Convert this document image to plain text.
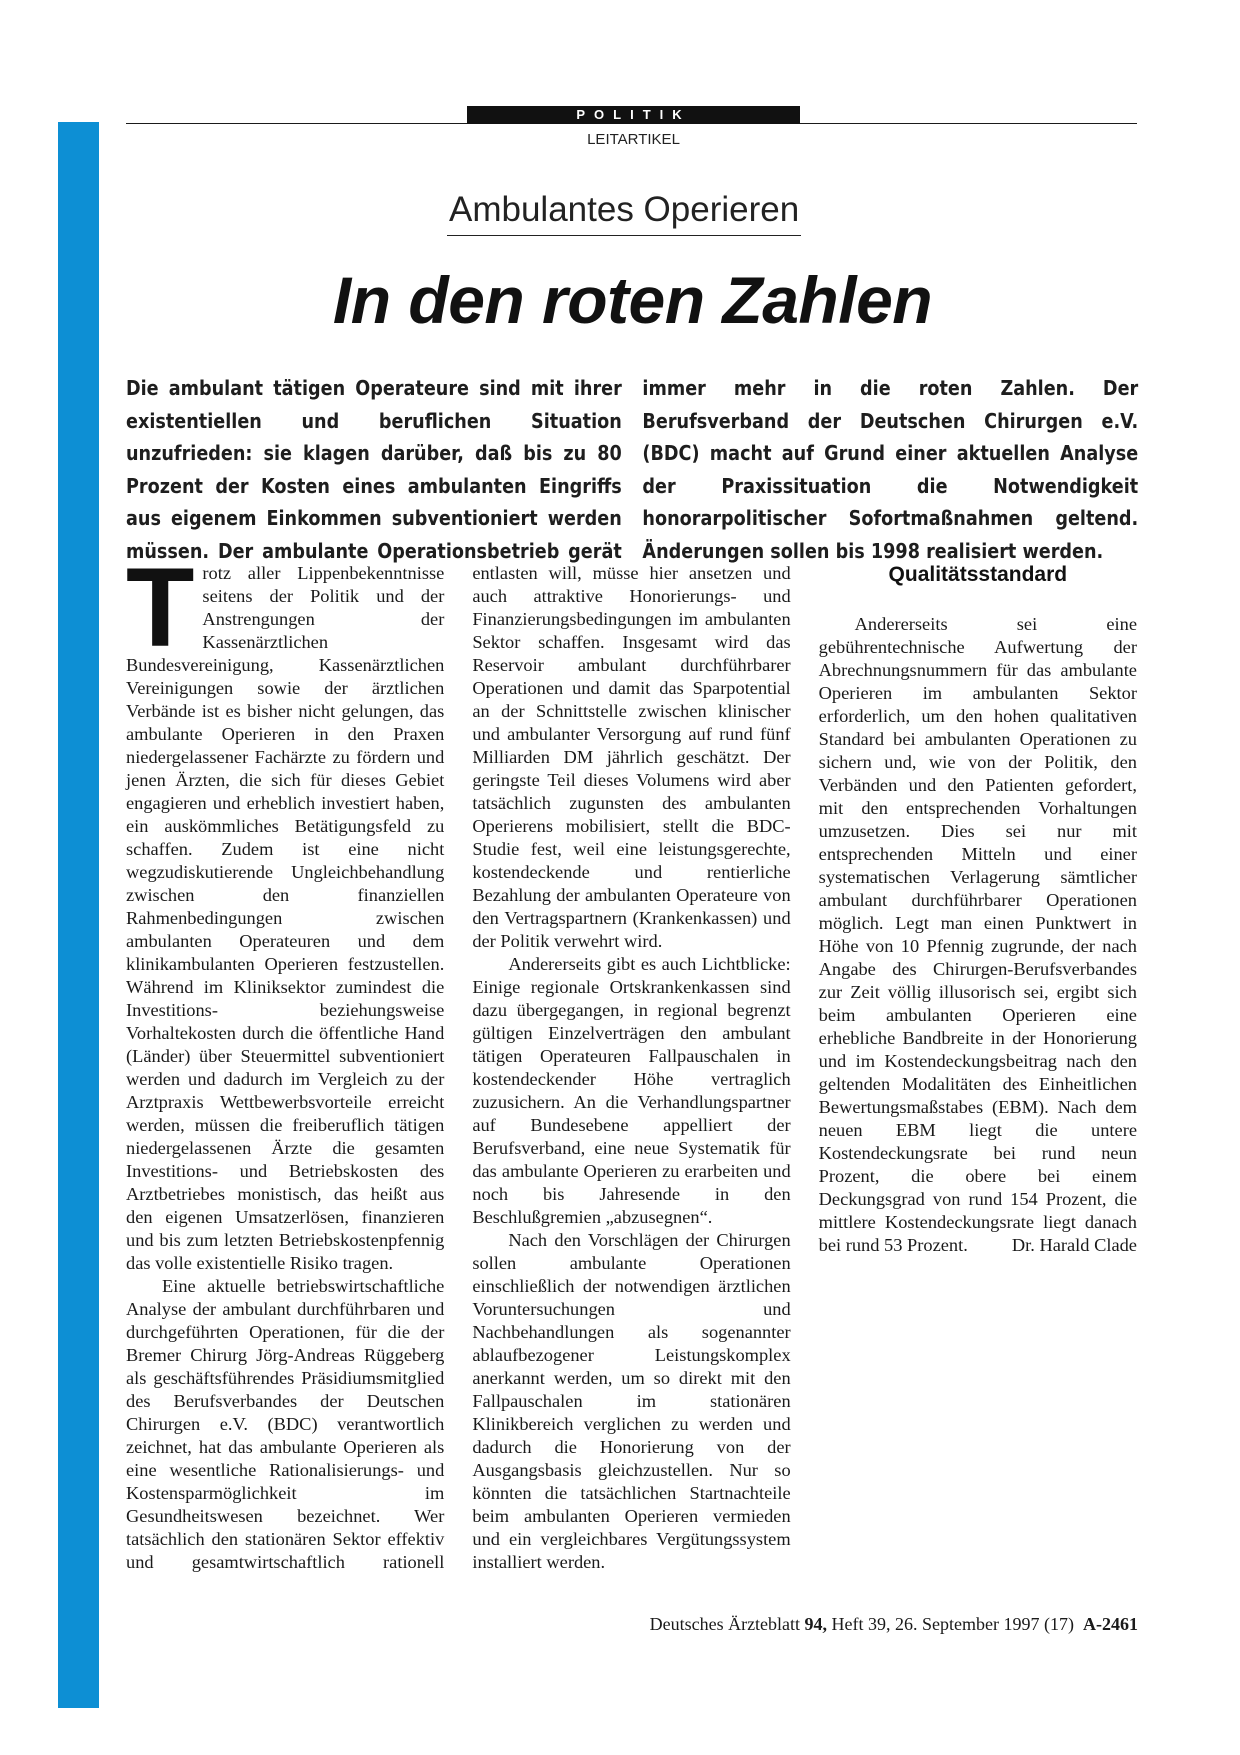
POLITIK
LEITARTIKEL
Ambulantes Operieren
In den roten Zahlen
Die ambulant tätigen Operateure sind mit ihrer existentiellen und beruflichen Situation unzufrieden: sie klagen darüber, daß bis zu 80 Prozent der Kosten eines ambulanten Eingriffs aus eigenem Einkommen subventioniert werden müssen. Der ambulante Operationsbetrieb gerät immer mehr in die roten Zahlen. Der Berufsverband der Deutschen Chirurgen e.V. (BDC) macht auf Grund einer aktuellen Analyse der Praxissituation die Notwendigkeit honorarpolitischer Sofortmaßnahmen geltend. Änderungen sollen bis 1998 realisiert werden.

Trotz aller Lippenbekenntnisse seitens der Politik und der Anstrengungen der Kassenärztlichen Bundesvereinigung, Kassenärztlichen Vereinigungen sowie der ärztlichen Verbände ist es bisher nicht gelungen, das ambulante Operieren in den Praxen niedergelassener Fachärzte zu fördern und jenen Ärzten, die sich für dieses Gebiet engagieren und erheblich investiert haben, ein auskömmliches Betätigungsfeld zu schaffen. Zudem ist eine nicht wegzudiskutierende Ungleichbehandlung zwischen den finanziellen Rahmenbedingungen zwischen ambulanten Operateuren und dem klinikambulanten Operieren festzustellen. Während im Kliniksektor zumindest die Investitions- beziehungsweise Vorhaltekosten durch die öffentliche Hand (Länder) über Steuermittel subventioniert werden und dadurch im Vergleich zu der Arztpraxis Wettbewerbsvorteile erreicht werden, müssen die freiberuflich tätigen niedergelassenen Ärzte die gesamten Investitions- und Betriebskosten des Arztbetriebes monistisch, das heißt aus den eigenen Umsatzerlösen, finanzieren und bis zum letzten Betriebskostenpfennig das volle existentielle Risiko tragen.

Eine aktuelle betriebswirtschaftliche Analyse der ambulant durchführbaren und durchgeführten Operationen, für die der Bremer Chirurg Jörg-Andreas Rüggeberg als geschäftsführendes Präsidiumsmitglied des Berufsverbandes der Deutschen Chirurgen e.V. (BDC) verantwortlich zeichnet, hat das ambulante Operieren als eine wesentliche Rationalisierungs- und Kostensparmöglichkeit im Gesundheitswesen bezeichnet. Wer tatsächlich den stationären Sektor effektiv und gesamtwirtschaftlich rationell entlasten will, müsse hier ansetzen und auch attraktive Honorierungs- und Finanzierungsbedingungen im ambulanten Sektor schaffen. Insgesamt wird das Reservoir ambulant durchführbarer Operationen und damit das Sparpotential an der Schnittstelle zwischen klinischer und ambulanter Versorgung auf rund fünf Milliarden DM jährlich geschätzt. Der geringste Teil dieses Volumens wird aber tatsächlich zugunsten des ambulanten Operierens mobilisiert, stellt die BDC-Studie fest, weil eine leistungsgerechte, kostendeckende und rentierliche Bezahlung der ambulanten Operateure von den Vertragspartnern (Krankenkassen) und der Politik verwehrt wird.

Andererseits gibt es auch Lichtblicke: Einige regionale Ortskrankenkassen sind dazu übergegangen, in regional begrenzt gültigen Einzelverträgen den ambulant tätigen Operateuren Fallpauschalen in kostendeckender Höhe vertraglich zuzusichern. An die Verhandlungspartner auf Bundesebene appelliert der Berufsverband, eine neue Systematik für das ambulante Operieren zu erarbeiten und noch bis Jahresende in den Beschlußgremien „abzusegnen“.

Nach den Vorschlägen der Chirurgen sollen ambulante Operationen einschließlich der notwendigen ärztlichen Voruntersuchungen und Nachbehandlungen als sogenannter ablaufbezogener Leistungskomplex anerkannt werden, um so direkt mit den Fallpauschalen im stationären Klinikbereich verglichen zu werden und dadurch die Honorierung von der Ausgangsbasis gleichzustellen. Nur so könnten die tatsächlichen Startnachteile beim ambulanten Operieren vermieden und ein vergleichbares Vergütungssystem installiert werden.

Qualitätsstandard

Andererseits sei eine gebührentechnische Aufwertung der Abrechnungsnummern für das ambulante Operieren im ambulanten Sektor erforderlich, um den hohen qualitativen Standard bei ambulanten Operationen zu sichern und, wie von der Politik, den Verbänden und den Patienten gefordert, mit den entsprechenden Vorhaltungen umzusetzen. Dies sei nur mit entsprechenden Mitteln und einer systematischen Verlagerung sämtlicher ambulant durchführbarer Operationen möglich. Legt man einen Punktwert in Höhe von 10 Pfennig zugrunde, der nach Angabe des Chirurgen-Berufsverbandes zur Zeit völlig illusorisch sei, ergibt sich beim ambulanten Operieren eine erhebliche Bandbreite in der Honorierung und im Kostendeckungsbeitrag nach den geltenden Modalitäten des Einheitlichen Bewertungsmaßstabes (EBM). Nach dem neuen EBM liegt die untere Kostendeckungsrate bei rund neun Prozent, die obere bei einem Deckungsgrad von rund 154 Prozent, die mittlere Kostendeckungsrate liegt danach bei rund 53 Prozent.	Dr. Harald Clade

Deutsches Ärzteblatt 94, Heft 39, 26. September 1997 (17) A-2461
